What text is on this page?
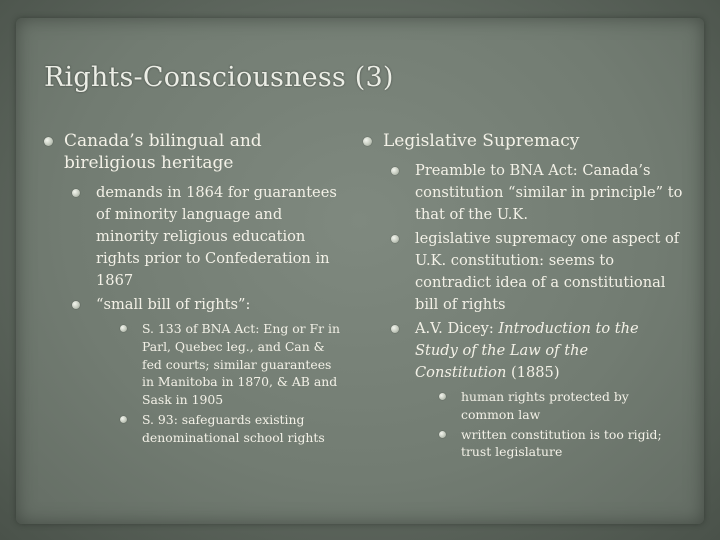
Rights-Consciousness (3)
Canada’s bilingual and bireligious heritage
demands in 1864 for guarantees of minority language and minority religious education rights prior to Confederation in 1867
“small bill of rights”:
S. 133 of BNA Act: Eng or Fr in Parl, Quebec leg., and Can & fed courts; similar guarantees in Manitoba in 1870, & AB and Sask in 1905
S. 93: safeguards existing denominational school rights
Legislative Supremacy
Preamble to BNA Act: Canada’s constitution “similar in principle” to that of the U.K.
legislative supremacy one aspect of U.K. constitution: seems to contradict idea of a constitutional bill of rights
A.V. Dicey: Introduction to the Study of the Law of the Constitution (1885)
human rights protected by common law
written constitution is too rigid; trust legislature
